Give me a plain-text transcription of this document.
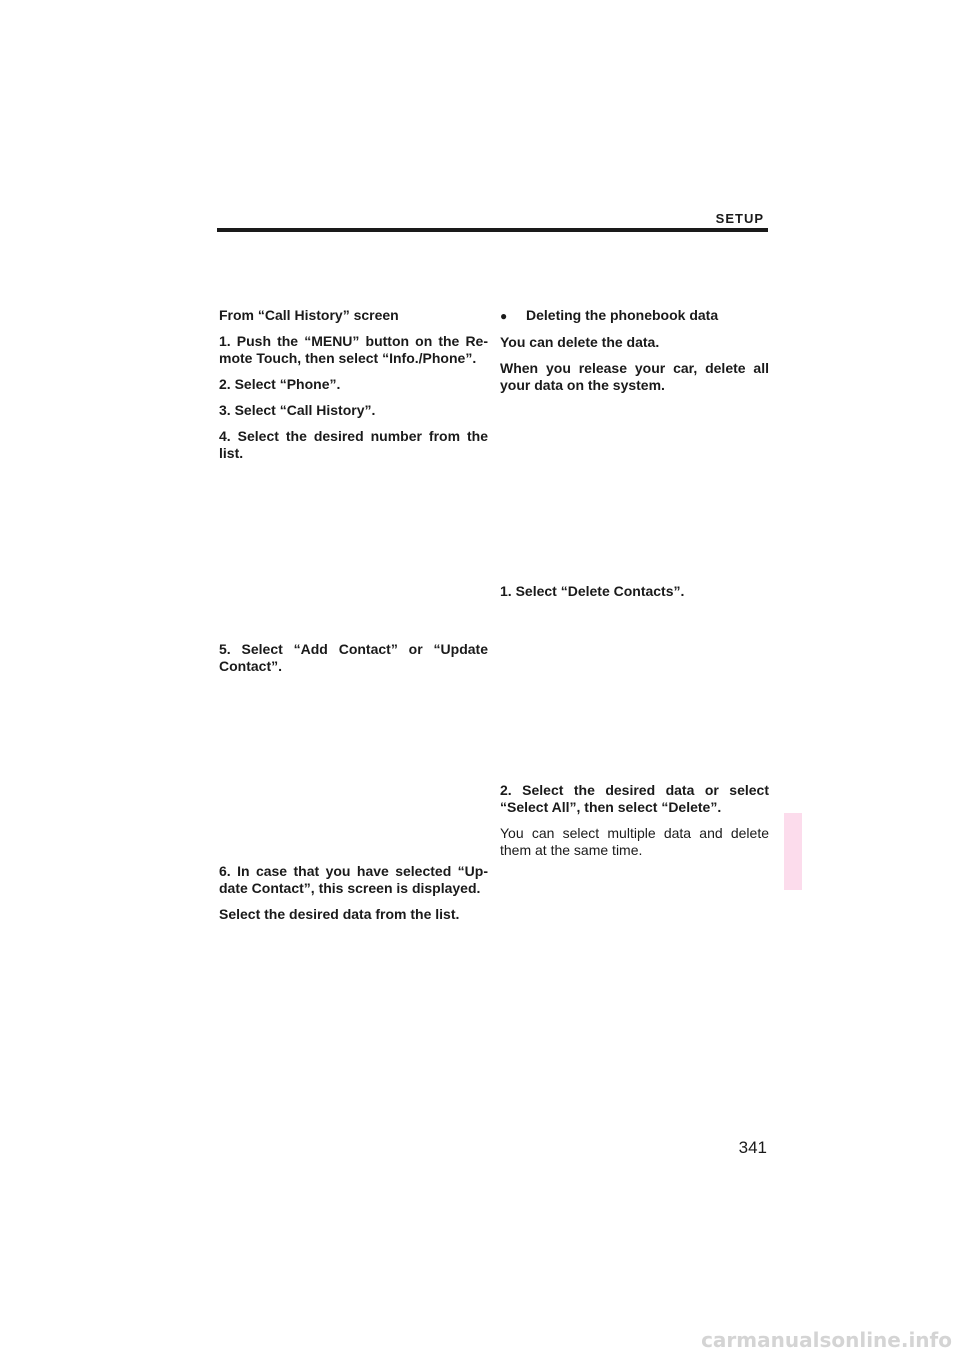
SETUP

From “Call History” screen

1. Push the “MENU” button on the Re- mote Touch, then select “Info./Phone”.

2. Select “Phone”.

3. Select “Call History”.

4. Select the desired number from the list.

5. Select “Add Contact” or “Update Contact”.

6. In case that you have selected “Up- date Contact”, this screen is displayed.

Select the desired data from the list.

● Deleting the phonebook data

You can delete the data.

When you release your car, delete all your data on the system.

1. Select “Delete Contacts”.

2. Select the desired data or select “Select All”, then select “Delete”.

You can select multiple data and delete them at the same time.

341
carmanualsonline.info
